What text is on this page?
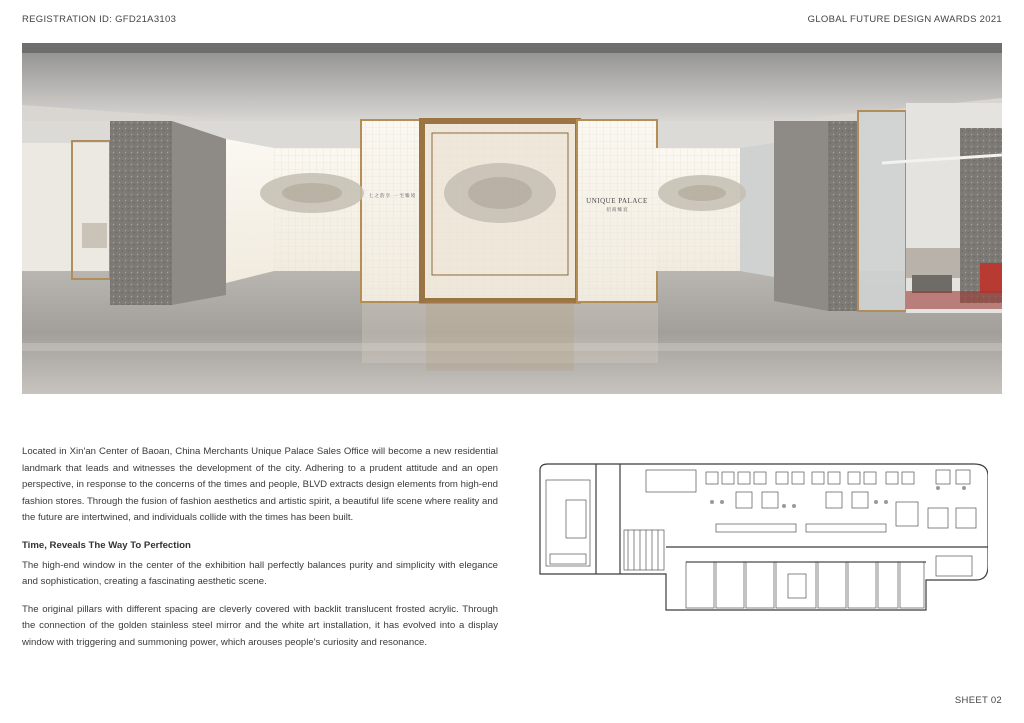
REGISTRATION ID: GFD21A3103	GLOBAL FUTURE DESIGN AWARDS 2021
七 之 韵 享 · 一 宅 臻 境
UNIQUE PALACE
招 商 臻 宸

Located in Xin'an Center of Baoan, China Merchants Unique Palace Sales Office will become a new residential landmark that leads and witnesses the development of the city. Adhering to a prudent attitude and an open perspective, in response to the concerns of the times and people, BLVD extracts design elements from high-end fashion stores. Through the fusion of fashion aesthetics and artistic spirit, a beautiful life scene where reality and the future are intertwined, and individuals collide with the times has been built.

Time, Reveals The Way To Perfection

The high-end window in the center of the exhibition hall perfectly balances purity and simplicity with elegance and sophistication, creating a fascinating aesthetic scene.

The original pillars with different spacing are cleverly covered with backlit translucent frosted acrylic. Through the connection of the golden stainless steel mirror and the white art installation, it has evolved into a display window with triggering and summoning power, which arouses people's curiosity and resonance.

SHEET 02
